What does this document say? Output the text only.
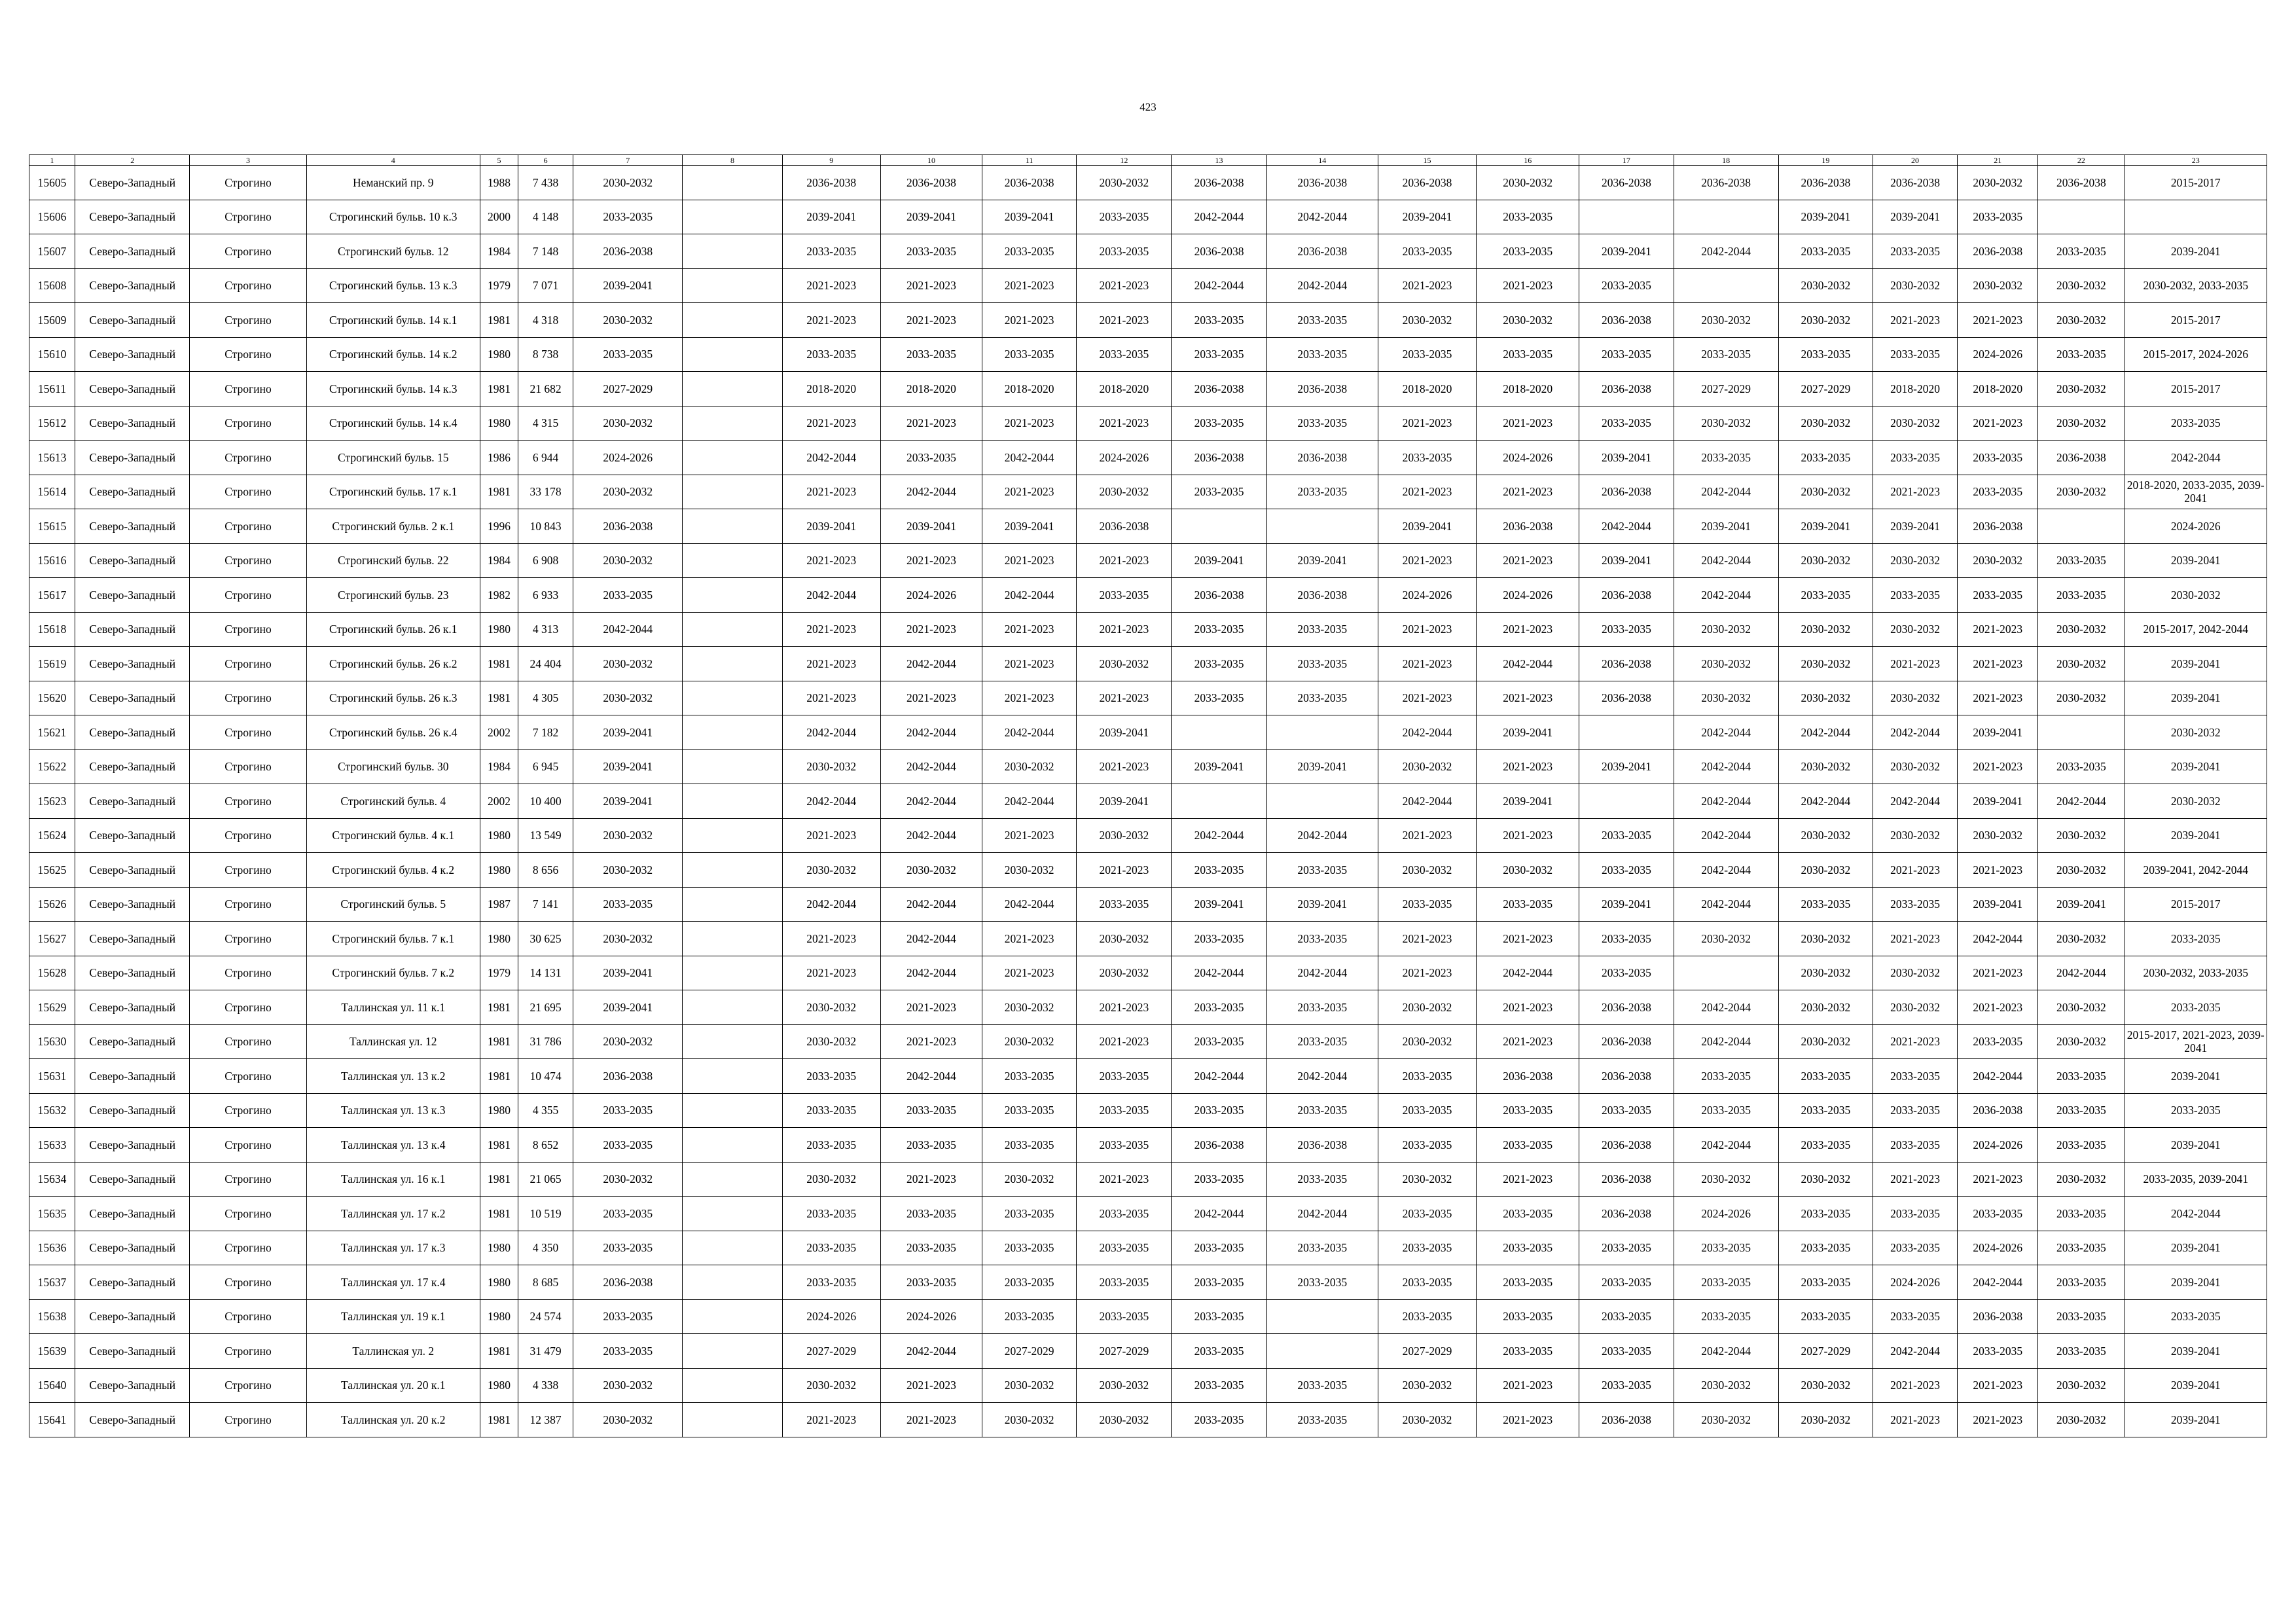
423
1	2	3	4	5	6	7	8	9	10	11	12	13	14	15	16	17	18	19	20	21	22	23
15605	Северо-Западный	Строгино	Неманский пр. 9	1988	7 438	2030-2032		2036-2038	2036-2038	2036-2038	2030-2032	2036-2038	2036-2038	2036-2038	2030-2032	2036-2038	2036-2038	2036-2038	2036-2038	2030-2032	2036-2038	2015-2017
15606	Северо-Западный	Строгино	Строгинский бульв. 10 к.3	2000	4 148	2033-2035		2039-2041	2039-2041	2039-2041	2033-2035	2042-2044	2042-2044	2039-2041	2033-2035			2039-2041	2039-2041	2033-2035		
15607	Северо-Западный	Строгино	Строгинский бульв. 12	1984	7 148	2036-2038		2033-2035	2033-2035	2033-2035	2033-2035	2036-2038	2036-2038	2033-2035	2033-2035	2039-2041	2042-2044	2033-2035	2033-2035	2036-2038	2033-2035	2039-2041
15608	Северо-Западный	Строгино	Строгинский бульв. 13 к.3	1979	7 071	2039-2041		2021-2023	2021-2023	2021-2023	2021-2023	2042-2044	2042-2044	2021-2023	2021-2023	2033-2035		2030-2032	2030-2032	2030-2032	2030-2032	2030-2032, 2033-2035
15609	Северо-Западный	Строгино	Строгинский бульв. 14 к.1	1981	4 318	2030-2032		2021-2023	2021-2023	2021-2023	2021-2023	2033-2035	2033-2035	2030-2032	2030-2032	2036-2038	2030-2032	2030-2032	2021-2023	2021-2023	2030-2032	2015-2017
15610	Северо-Западный	Строгино	Строгинский бульв. 14 к.2	1980	8 738	2033-2035		2033-2035	2033-2035	2033-2035	2033-2035	2033-2035	2033-2035	2033-2035	2033-2035	2033-2035	2033-2035	2033-2035	2033-2035	2024-2026	2033-2035	2015-2017, 2024-2026
15611	Северо-Западный	Строгино	Строгинский бульв. 14 к.3	1981	21 682	2027-2029		2018-2020	2018-2020	2018-2020	2018-2020	2036-2038	2036-2038	2018-2020	2018-2020	2036-2038	2027-2029	2027-2029	2018-2020	2018-2020	2030-2032	2015-2017
15612	Северо-Западный	Строгино	Строгинский бульв. 14 к.4	1980	4 315	2030-2032		2021-2023	2021-2023	2021-2023	2021-2023	2033-2035	2033-2035	2021-2023	2021-2023	2033-2035	2030-2032	2030-2032	2030-2032	2021-2023	2030-2032	2033-2035
15613	Северо-Западный	Строгино	Строгинский бульв. 15	1986	6 944	2024-2026		2042-2044	2033-2035	2042-2044	2024-2026	2036-2038	2036-2038	2033-2035	2024-2026	2039-2041	2033-2035	2033-2035	2033-2035	2033-2035	2036-2038	2042-2044
15614	Северо-Западный	Строгино	Строгинский бульв. 17 к.1	1981	33 178	2030-2032		2021-2023	2042-2044	2021-2023	2030-2032	2033-2035	2033-2035	2021-2023	2021-2023	2036-2038	2042-2044	2030-2032	2021-2023	2033-2035	2030-2032	2018-2020, 2033-2035, 2039-2041
15615	Северо-Западный	Строгино	Строгинский бульв. 2 к.1	1996	10 843	2036-2038		2039-2041	2039-2041	2039-2041	2036-2038			2039-2041	2036-2038	2042-2044	2039-2041	2039-2041	2039-2041	2036-2038		2024-2026
15616	Северо-Западный	Строгино	Строгинский бульв. 22	1984	6 908	2030-2032		2021-2023	2021-2023	2021-2023	2021-2023	2039-2041	2039-2041	2021-2023	2021-2023	2039-2041	2042-2044	2030-2032	2030-2032	2030-2032	2033-2035	2039-2041
15617	Северо-Западный	Строгино	Строгинский бульв. 23	1982	6 933	2033-2035		2042-2044	2024-2026	2042-2044	2033-2035	2036-2038	2036-2038	2024-2026	2024-2026	2036-2038	2042-2044	2033-2035	2033-2035	2033-2035	2033-2035	2030-2032
15618	Северо-Западный	Строгино	Строгинский бульв. 26 к.1	1980	4 313	2042-2044		2021-2023	2021-2023	2021-2023	2021-2023	2033-2035	2033-2035	2021-2023	2021-2023	2033-2035	2030-2032	2030-2032	2030-2032	2021-2023	2030-2032	2015-2017, 2042-2044
15619	Северо-Западный	Строгино	Строгинский бульв. 26 к.2	1981	24 404	2030-2032		2021-2023	2042-2044	2021-2023	2030-2032	2033-2035	2033-2035	2021-2023	2042-2044	2036-2038	2030-2032	2030-2032	2021-2023	2021-2023	2030-2032	2039-2041
15620	Северо-Западный	Строгино	Строгинский бульв. 26 к.3	1981	4 305	2030-2032		2021-2023	2021-2023	2021-2023	2021-2023	2033-2035	2033-2035	2021-2023	2021-2023	2036-2038	2030-2032	2030-2032	2030-2032	2021-2023	2030-2032	2039-2041
15621	Северо-Западный	Строгино	Строгинский бульв. 26 к.4	2002	7 182	2039-2041		2042-2044	2042-2044	2042-2044	2039-2041			2042-2044	2039-2041		2042-2044	2042-2044	2042-2044	2039-2041		2030-2032
15622	Северо-Западный	Строгино	Строгинский бульв. 30	1984	6 945	2039-2041		2030-2032	2042-2044	2030-2032	2021-2023	2039-2041	2039-2041	2030-2032	2021-2023	2039-2041	2042-2044	2030-2032	2030-2032	2021-2023	2033-2035	2039-2041
15623	Северо-Западный	Строгино	Строгинский бульв. 4	2002	10 400	2039-2041		2042-2044	2042-2044	2042-2044	2039-2041			2042-2044	2039-2041		2042-2044	2042-2044	2042-2044	2039-2041	2042-2044	2030-2032
15624	Северо-Западный	Строгино	Строгинский бульв. 4 к.1	1980	13 549	2030-2032		2021-2023	2042-2044	2021-2023	2030-2032	2042-2044	2042-2044	2021-2023	2021-2023	2033-2035	2042-2044	2030-2032	2030-2032	2030-2032	2030-2032	2039-2041
15625	Северо-Западный	Строгино	Строгинский бульв. 4 к.2	1980	8 656	2030-2032		2030-2032	2030-2032	2030-2032	2021-2023	2033-2035	2033-2035	2030-2032	2030-2032	2033-2035	2042-2044	2030-2032	2021-2023	2021-2023	2030-2032	2039-2041, 2042-2044
15626	Северо-Западный	Строгино	Строгинский бульв. 5	1987	7 141	2033-2035		2042-2044	2042-2044	2042-2044	2033-2035	2039-2041	2039-2041	2033-2035	2033-2035	2039-2041	2042-2044	2033-2035	2033-2035	2039-2041	2039-2041	2015-2017
15627	Северо-Западный	Строгино	Строгинский бульв. 7 к.1	1980	30 625	2030-2032		2021-2023	2042-2044	2021-2023	2030-2032	2033-2035	2033-2035	2021-2023	2021-2023	2033-2035	2030-2032	2030-2032	2021-2023	2042-2044	2030-2032	2033-2035
15628	Северо-Западный	Строгино	Строгинский бульв. 7 к.2	1979	14 131	2039-2041		2021-2023	2042-2044	2021-2023	2030-2032	2042-2044	2042-2044	2021-2023	2042-2044	2033-2035		2030-2032	2030-2032	2021-2023	2042-2044	2030-2032, 2033-2035
15629	Северо-Западный	Строгино	Таллинская ул. 11 к.1	1981	21 695	2039-2041		2030-2032	2021-2023	2030-2032	2021-2023	2033-2035	2033-2035	2030-2032	2021-2023	2036-2038	2042-2044	2030-2032	2030-2032	2021-2023	2030-2032	2033-2035
15630	Северо-Западный	Строгино	Таллинская ул. 12	1981	31 786	2030-2032		2030-2032	2021-2023	2030-2032	2021-2023	2033-2035	2033-2035	2030-2032	2021-2023	2036-2038	2042-2044	2030-2032	2021-2023	2033-2035	2030-2032	2015-2017, 2021-2023, 2039-2041
15631	Северо-Западный	Строгино	Таллинская ул. 13 к.2	1981	10 474	2036-2038		2033-2035	2042-2044	2033-2035	2033-2035	2042-2044	2042-2044	2033-2035	2036-2038	2036-2038	2033-2035	2033-2035	2033-2035	2042-2044	2033-2035	2039-2041
15632	Северо-Западный	Строгино	Таллинская ул. 13 к.3	1980	4 355	2033-2035		2033-2035	2033-2035	2033-2035	2033-2035	2033-2035	2033-2035	2033-2035	2033-2035	2033-2035	2033-2035	2033-2035	2033-2035	2036-2038	2033-2035	2033-2035
15633	Северо-Западный	Строгино	Таллинская ул. 13 к.4	1981	8 652	2033-2035		2033-2035	2033-2035	2033-2035	2033-2035	2036-2038	2036-2038	2033-2035	2033-2035	2036-2038	2042-2044	2033-2035	2033-2035	2024-2026	2033-2035	2039-2041
15634	Северо-Западный	Строгино	Таллинская ул. 16 к.1	1981	21 065	2030-2032		2030-2032	2021-2023	2030-2032	2021-2023	2033-2035	2033-2035	2030-2032	2021-2023	2036-2038	2030-2032	2030-2032	2021-2023	2021-2023	2030-2032	2033-2035, 2039-2041
15635	Северо-Западный	Строгино	Таллинская ул. 17 к.2	1981	10 519	2033-2035		2033-2035	2033-2035	2033-2035	2033-2035	2042-2044	2042-2044	2033-2035	2033-2035	2036-2038	2024-2026	2033-2035	2033-2035	2033-2035	2033-2035	2042-2044
15636	Северо-Западный	Строгино	Таллинская ул. 17 к.3	1980	4 350	2033-2035		2033-2035	2033-2035	2033-2035	2033-2035	2033-2035	2033-2035	2033-2035	2033-2035	2033-2035	2033-2035	2033-2035	2033-2035	2024-2026	2033-2035	2039-2041
15637	Северо-Западный	Строгино	Таллинская ул. 17 к.4	1980	8 685	2036-2038		2033-2035	2033-2035	2033-2035	2033-2035	2033-2035	2033-2035	2033-2035	2033-2035	2033-2035	2033-2035	2033-2035	2024-2026	2042-2044	2033-2035	2039-2041
15638	Северо-Западный	Строгино	Таллинская ул. 19 к.1	1980	24 574	2033-2035		2024-2026	2024-2026	2033-2035	2033-2035	2033-2035		2033-2035	2033-2035	2033-2035	2033-2035	2033-2035	2033-2035	2036-2038	2033-2035	2033-2035
15639	Северо-Западный	Строгино	Таллинская ул. 2	1981	31 479	2033-2035		2027-2029	2042-2044	2027-2029	2027-2029	2033-2035		2027-2029	2033-2035	2033-2035	2042-2044	2027-2029	2042-2044	2033-2035	2033-2035	2039-2041
15640	Северо-Западный	Строгино	Таллинская ул. 20 к.1	1980	4 338	2030-2032		2030-2032	2021-2023	2030-2032	2030-2032	2033-2035	2033-2035	2030-2032	2021-2023	2033-2035	2030-2032	2030-2032	2021-2023	2021-2023	2030-2032	2039-2041
15641	Северо-Западный	Строгино	Таллинская ул. 20 к.2	1981	12 387	2030-2032		2021-2023	2021-2023	2030-2032	2030-2032	2033-2035	2033-2035	2030-2032	2021-2023	2036-2038	2030-2032	2030-2032	2021-2023	2021-2023	2030-2032	2039-2041
